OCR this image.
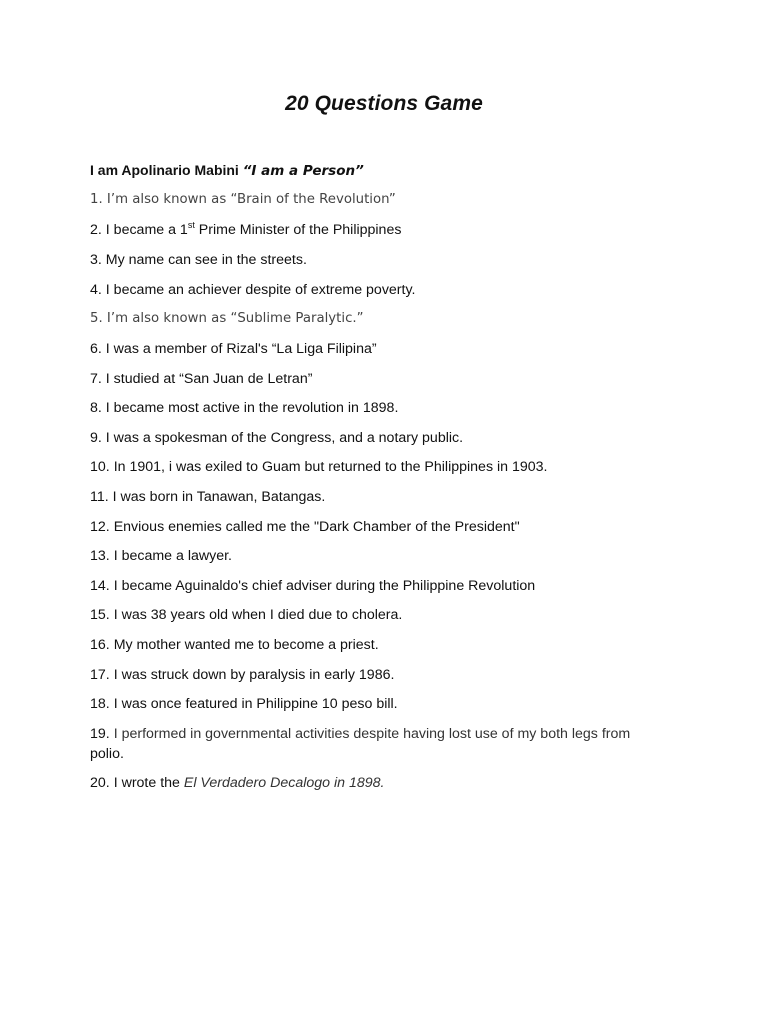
20 Questions Game
I am Apolinario Mabini “I am a Person”
1. I’m also known as “Brain of the Revolution”
2. I became a 1st Prime Minister of the Philippines
3. My name can see in the streets.
4. I became an achiever despite of extreme poverty.
5. I’m also known as “Sublime Paralytic.”
6. I was a member of Rizal's “La Liga Filipina”
7. I studied at “San Juan de Letran”
8. I became most active in the revolution in 1898.
9. I was a spokesman of the Congress, and a notary public.
10. In 1901, i was exiled to Guam but returned to the Philippines in 1903.
11. I was born in Tanawan, Batangas.
12. Envious enemies called me the "Dark Chamber of the President"
13. I became a lawyer.
14. I became Aguinaldo's chief adviser during the Philippine Revolution
15. I was 38 years old when I died due to cholera.
16. My mother wanted me to become a priest.
17. I was struck down by paralysis in early 1986.
18. I was once featured in Philippine 10 peso bill.
19. I performed in governmental activities despite having lost use of my both legs from polio.
20. I wrote the El Verdadero Decalogo in 1898.
